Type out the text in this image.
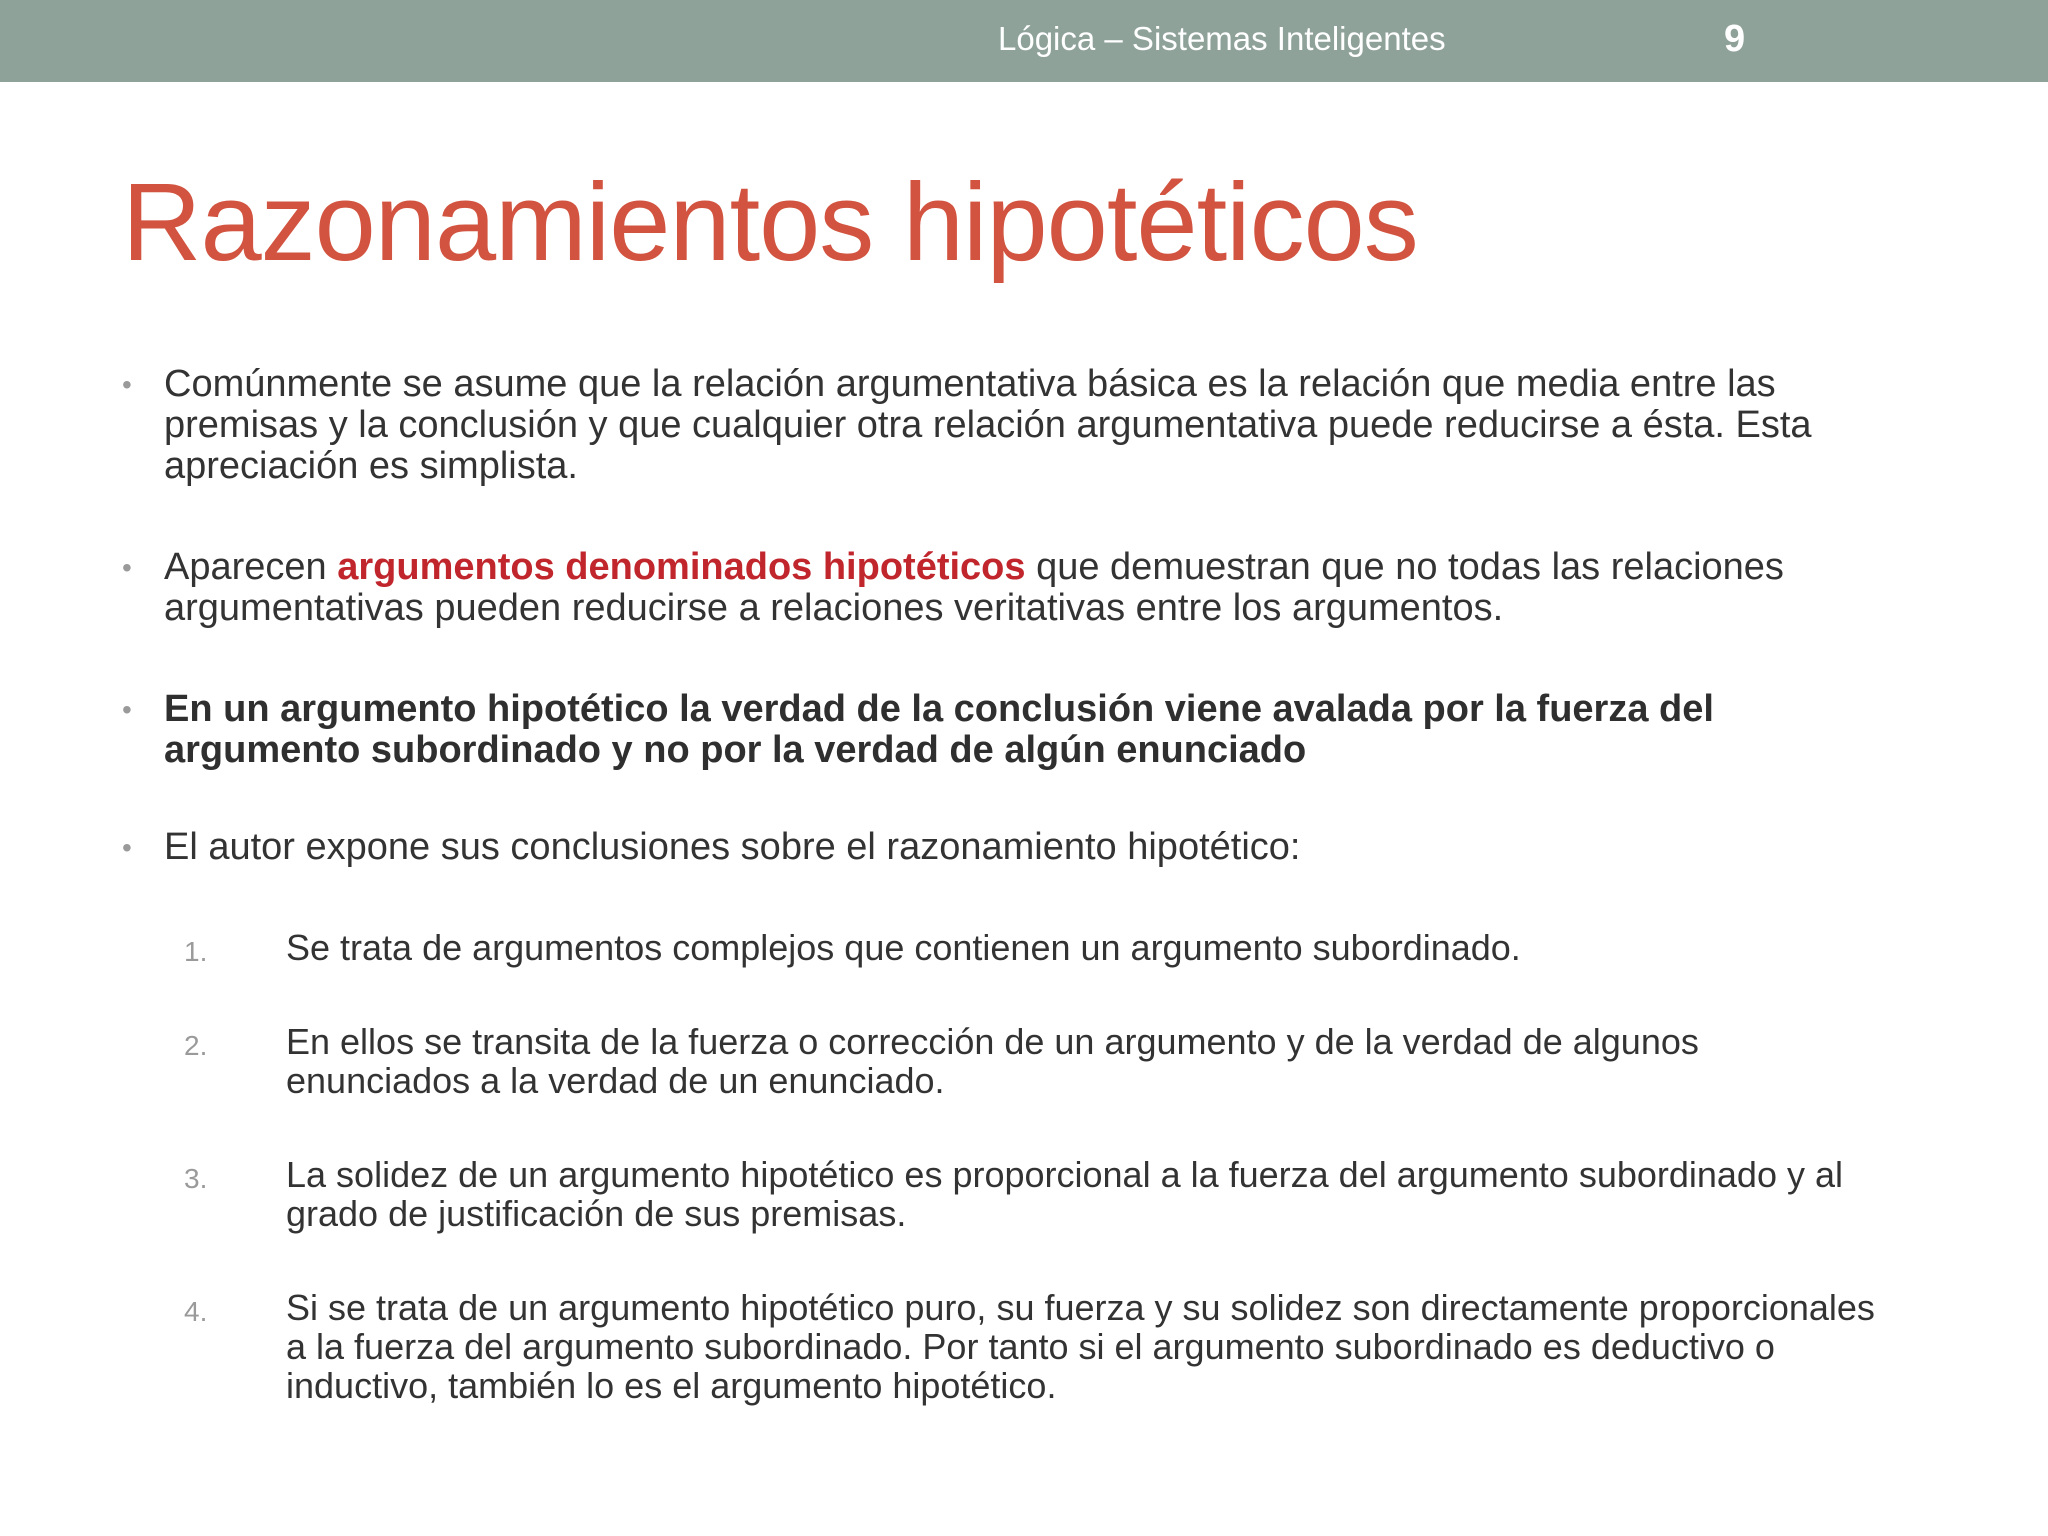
Lógica – Sistemas Inteligentes	9
Razonamientos hipotéticos
• Comúnmente se asume que la relación argumentativa básica es la relación que media entre las premisas y la conclusión y que cualquier otra relación argumentativa puede reducirse a ésta. Esta apreciación es simplista.
• Aparecen argumentos denominados hipotéticos que demuestran que no todas las relaciones argumentativas pueden reducirse a relaciones veritativas entre los argumentos.
• En un argumento hipotético la verdad de la conclusión viene avalada por la fuerza del argumento subordinado y no por la verdad de algún enunciado
• El autor expone sus conclusiones sobre el razonamiento hipotético:
1. Se trata de argumentos complejos que contienen un argumento subordinado.
2. En ellos se transita de la fuerza o corrección de un argumento y de la verdad de algunos enunciados a la verdad de un enunciado.
3. La solidez de un argumento hipotético es proporcional a la fuerza del argumento subordinado y al grado de justificación de sus premisas.
4. Si se trata de un argumento hipotético puro, su fuerza y su solidez son directamente proporcionales a la fuerza del argumento subordinado. Por tanto si el argumento subordinado es deductivo o inductivo, también lo es el argumento hipotético.
